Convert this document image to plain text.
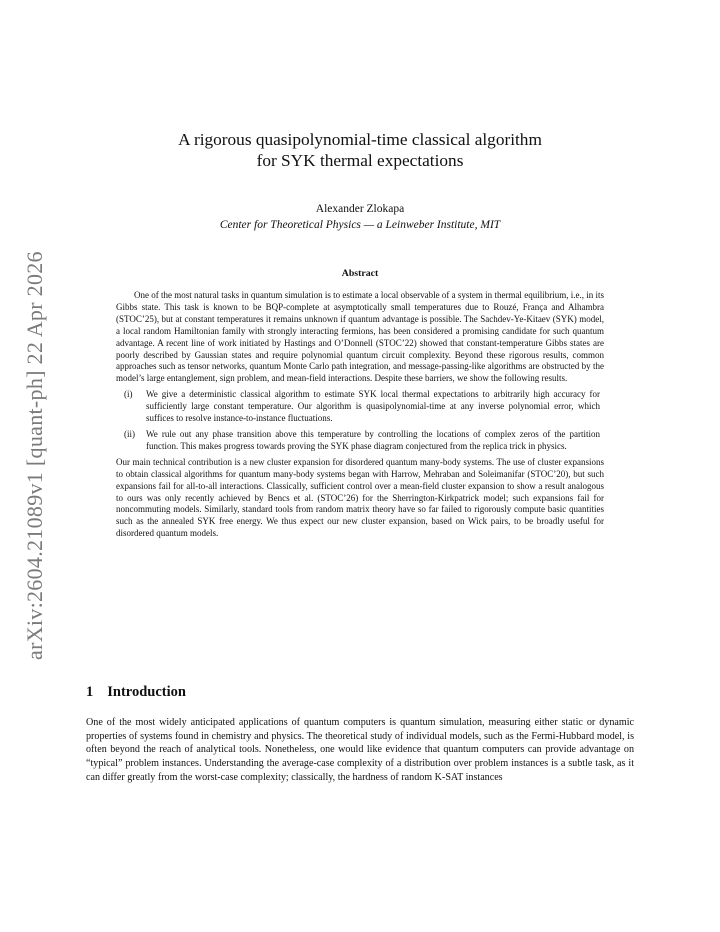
arXiv:2604.21089v1 [quant-ph] 22 Apr 2026
A rigorous quasipolynomial-time classical algorithm
for SYK thermal expectations
Alexander Zlokapa
Center for Theoretical Physics — a Leinweber Institute, MIT
Abstract

One of the most natural tasks in quantum simulation is to estimate a local observable of a system in thermal equilibrium, i.e., in its Gibbs state. This task is known to be BQP-complete at asymptotically small temperatures due to Rouzé, França and Alhambra (STOC’25), but at constant temperatures it remains unknown if quantum advantage is possible. The Sachdev-Ye-Kitaev (SYK) model, a local random Hamiltonian family with strongly interacting fermions, has been considered a promising candidate for such quantum advantage. A recent line of work initiated by Hastings and O’Donnell (STOC’22) showed that constant-temperature Gibbs states are poorly described by Gaussian states and require polynomial quantum circuit complexity. Beyond these rigorous results, common approaches such as tensor networks, quantum Monte Carlo path integration, and message-passing-like algorithms are obstructed by the model’s large entanglement, sign problem, and mean-field interactions. Despite these barriers, we show the following results.

(i) We give a deterministic classical algorithm to estimate SYK local thermal expectations to arbitrarily high accuracy for sufficiently large constant temperature. Our algorithm is quasipolynomial-time at any inverse polynomial error, which suffices to resolve instance-to-instance fluctuations.
(ii) We rule out any phase transition above this temperature by controlling the locations of complex zeros of the partition function. This makes progress towards proving the SYK phase diagram conjectured from the replica trick in physics.

Our main technical contribution is a new cluster expansion for disordered quantum many-body systems. The use of cluster expansions to obtain classical algorithms for quantum many-body systems began with Harrow, Mehraban and Soleimanifar (STOC’20), but such expansions fail for all-to-all interactions. Classically, sufficient control over a mean-field cluster expansion to show a result analogous to ours was only recently achieved by Bencs et al. (STOC’26) for the Sherrington-Kirkpatrick model; such expansions fail for noncommuting models. Similarly, standard tools from random matrix theory have so far failed to rigorously compute basic quantities such as the annealed SYK free energy. We thus expect our new cluster expansion, based on Wick pairs, to be broadly useful for disordered quantum models.

1 Introduction

One of the most widely anticipated applications of quantum computers is quantum simulation, measuring either static or dynamic properties of systems found in chemistry and physics. The theoretical study of individual models, such as the Fermi-Hubbard model, is often beyond the reach of analytical tools. Nonetheless, one would like evidence that quantum computers can provide advantage on “typical” problem instances. Understanding the average-case complexity of a distribution over problem instances is a subtle task, as it can differ greatly from the worst-case complexity; classically, the hardness of random K-SAT instances
